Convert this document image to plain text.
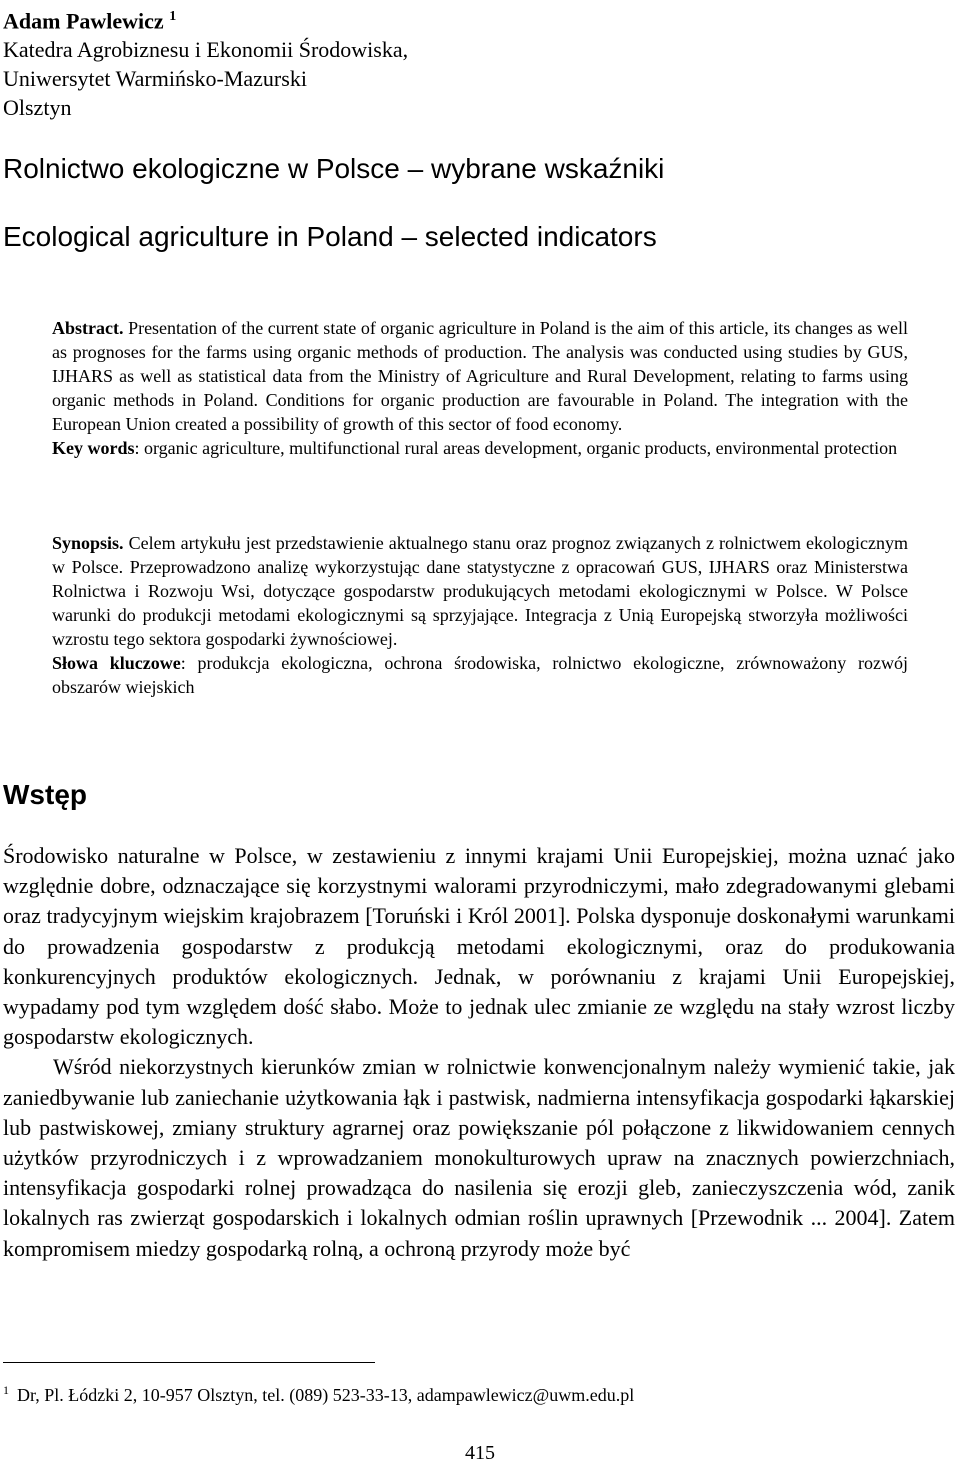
Adam Pawlewicz $^1$
Katedra Agrobiznesu i Ekonomii Środowiska,
Uniwersytet Warmińsko-Mazurski
Olsztyn
Rolnictwo ekologiczne w Polsce – wybrane wskaźniki
Ecological agriculture in Poland – selected indicators

Abstract. Presentation of the current state of organic agriculture in Poland is the aim of this article, its changes as well as prognoses for the farms using organic methods of production. The analysis was conducted using studies by GUS, IJHARS as well as statistical data from the Ministry of Agriculture and Rural Development, relating to farms using organic methods in Poland. Conditions for organic production are favourable in Poland. The integration with the European Union created a possibility of growth of this sector of food economy.

Key words: organic agriculture, multifunctional rural areas development, organic products, environmental protection

Synopsis. Celem artykułu jest przedstawienie aktualnego stanu oraz prognoz związanych z rolnictwem ekologicznym w Polsce. Przeprowadzono analizę wykorzystując dane statystyczne z opracowań GUS, IJHARS oraz Ministerstwa Rolnictwa i Rozwoju Wsi, dotyczące gospodarstw produkujących metodami ekologicznymi w Polsce. W Polsce warunki do produkcji metodami ekologicznymi są sprzyjające. Integracja z Unią Europejską stworzyła możliwości wzrostu tego sektora gospodarki żywnościowej.

Słowa kluczowe: produkcja ekologiczna, ochrona środowiska, rolnictwo ekologiczne, zrównoważony rozwój obszarów wiejskich

Wstęp

Środowisko naturalne w Polsce, w zestawieniu z innymi krajami Unii Europejskiej, można uznać jako względnie dobre, odznaczające się korzystnymi walorami przyrodniczymi, mało zdegradowanymi glebami oraz tradycyjnym wiejskim krajobrazem [Toruński i Król 2001]. Polska dysponuje doskonałymi warunkami do prowadzenia gospodarstw z produkcją metodami ekologicznymi, oraz do produkowania konkurencyjnych produktów ekologicznych. Jednak, w porównaniu z krajami Unii Europejskiej, wypadamy pod tym względem dość słabo. Może to jednak ulec zmianie ze względu na stały wzrost liczby gospodarstw ekologicznych.

Wśród niekorzystnych kierunków zmian w rolnictwie konwencjonalnym należy wymienić takie, jak zaniedbywanie lub zaniechanie użytkowania łąk i pastwisk, nadmierna intensyfikacja gospodarki łąkarskiej lub pastwiskowej, zmiany struktury agrarnej oraz powiększanie pól połączone z likwidowaniem cennych użytków przyrodniczych i z wprowadzaniem monokulturowych upraw na znacznych powierzchniach, intensyfikacja gospodarki rolnej prowadząca do nasilenia się erozji gleb, zanieczyszczenia wód, zanik lokalnych ras zwierząt gospodarskich i lokalnych odmian roślin uprawnych [Przewodnik ... 2004]. Zatem kompromisem miedzy gospodarką rolną, a ochroną przyrody może być

$^1$ Dr, Pl. Łódzki 2, 10-957 Olsztyn, tel. (089) 523-33-13, adampawlewicz@uwm.edu.pl
415
